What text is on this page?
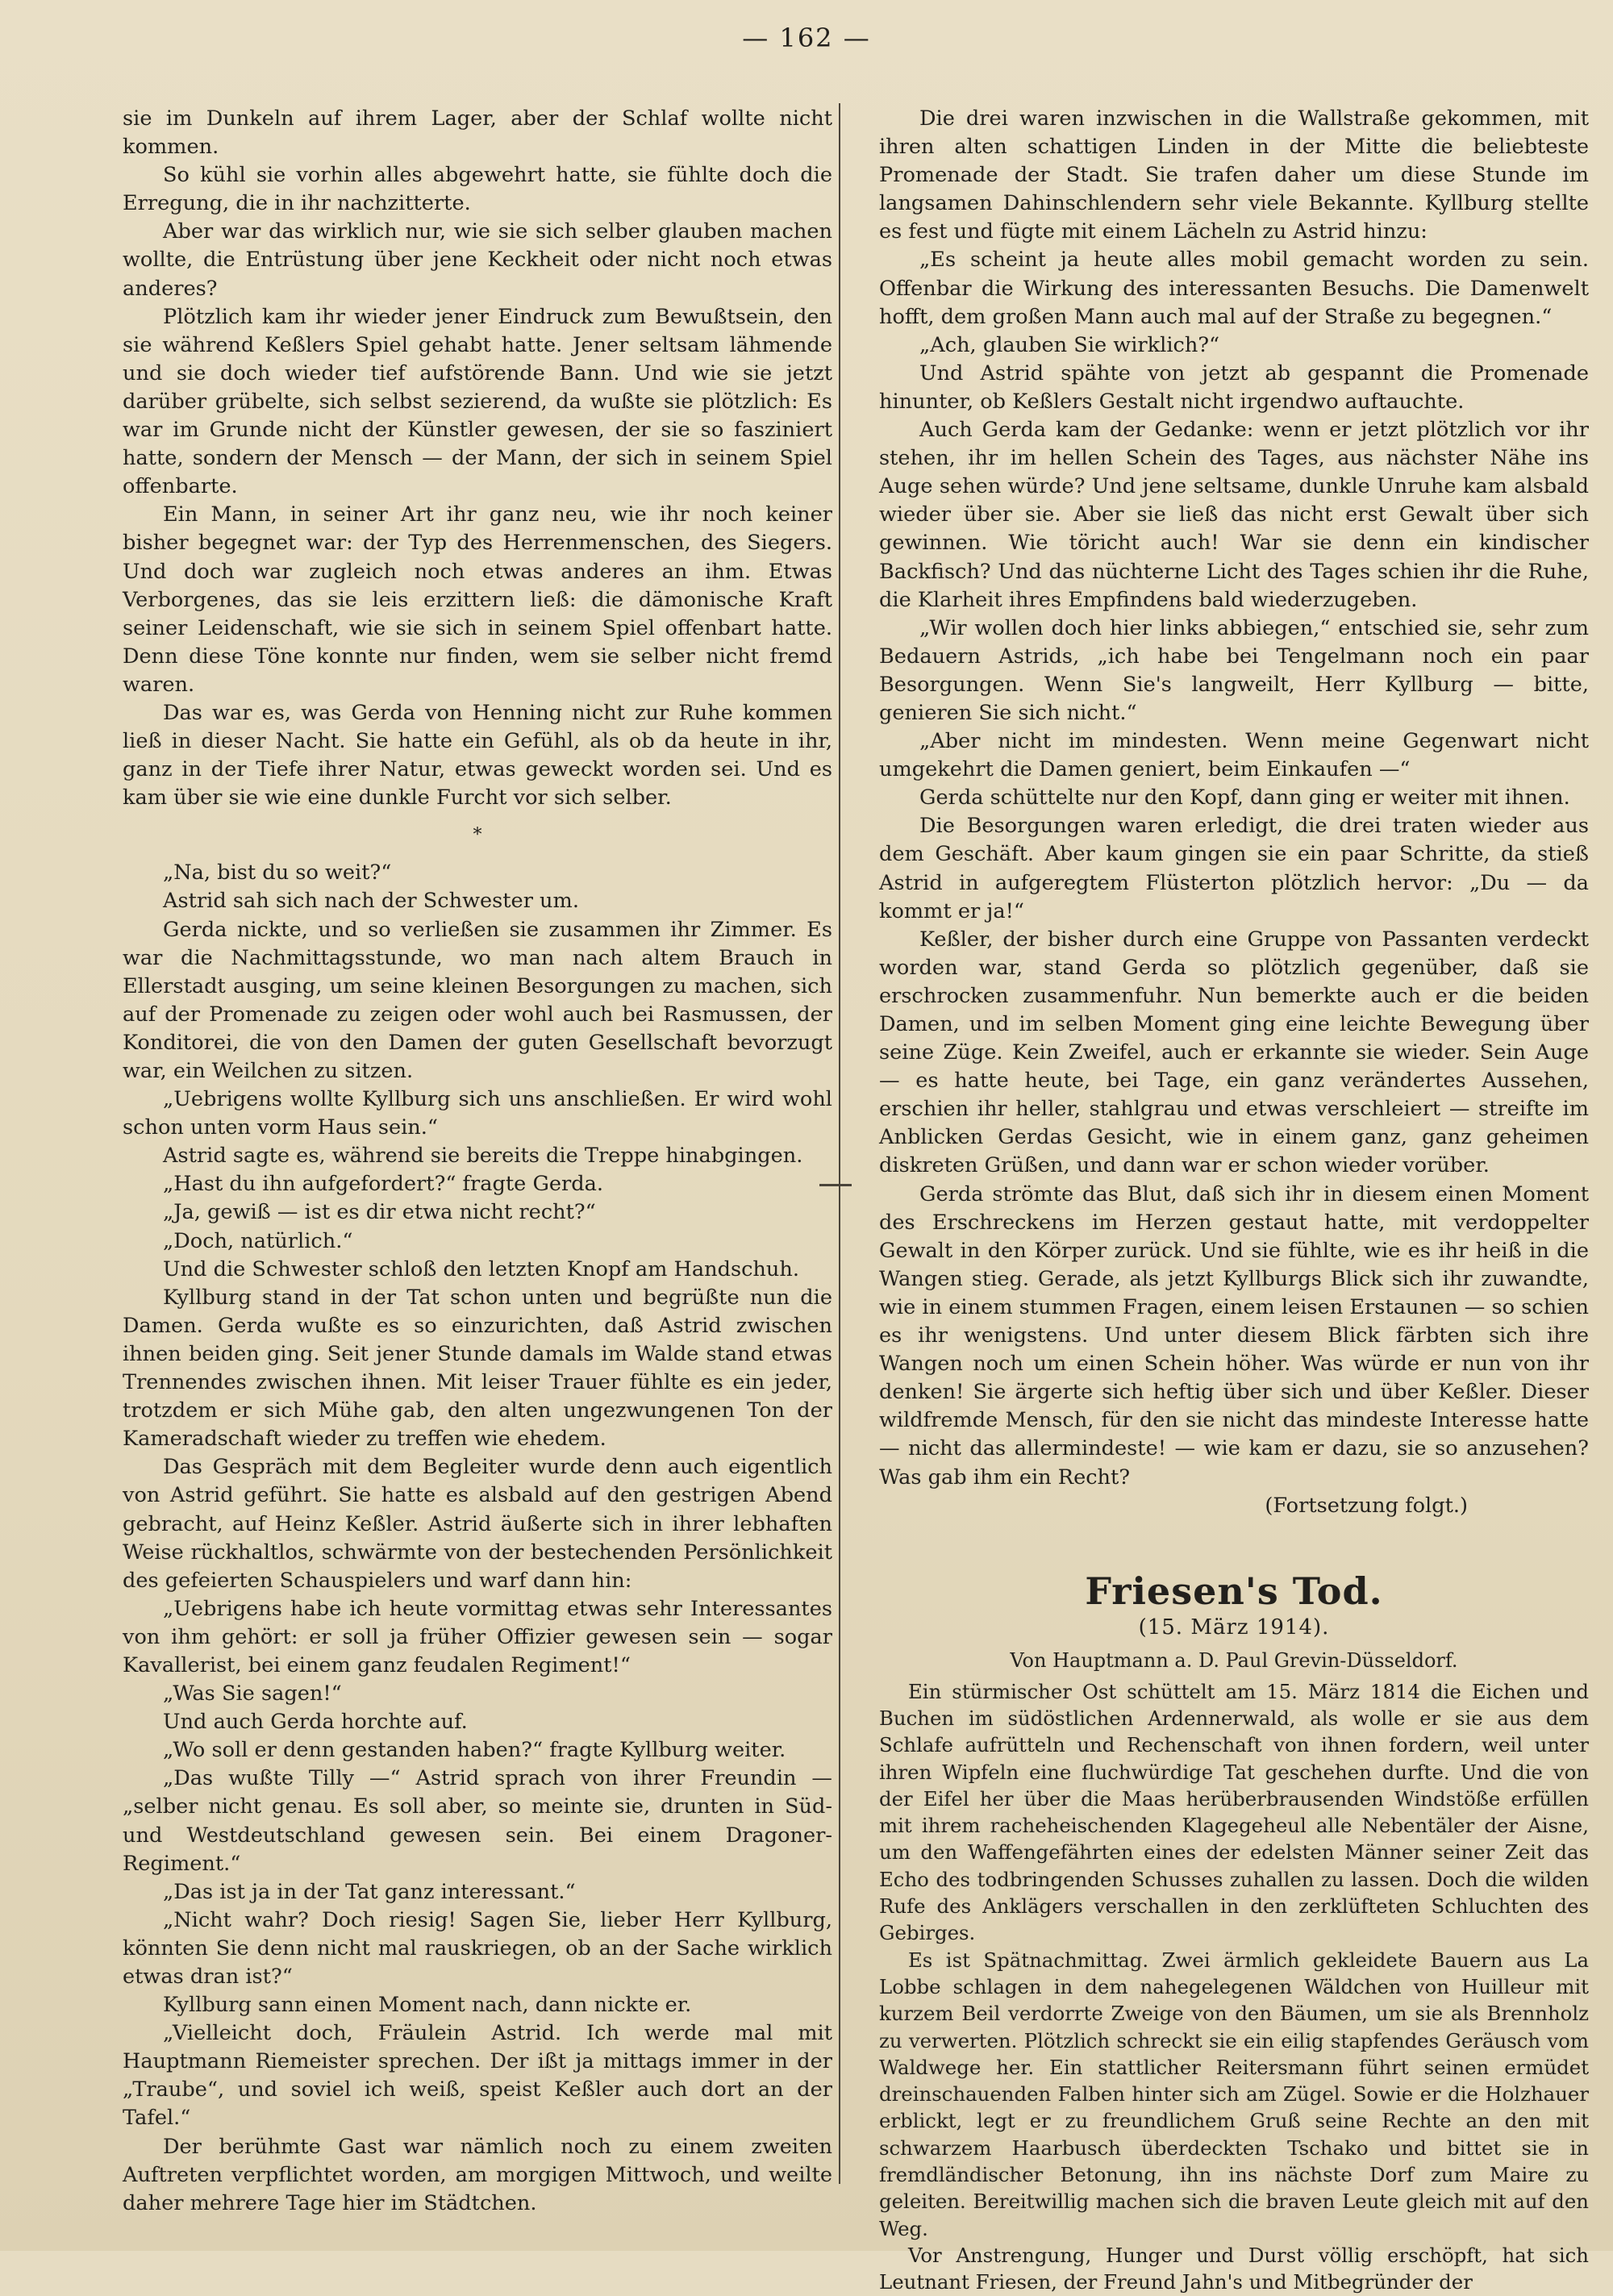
— 162 —

sie im Dunkeln auf ihrem Lager, aber der Schlaf wollte nicht kommen.

So kühl sie vorhin alles abgewehrt hatte, sie fühlte doch die Erregung, die in ihr nachzitterte.

Aber war das wirklich nur, wie sie sich selber glauben machen wollte, die Entrüstung über jene Keckheit oder nicht noch etwas anderes?

Plötzlich kam ihr wieder jener Eindruck zum Bewußtsein, den sie während Keßlers Spiel gehabt hatte. Jener seltsam lähmende und sie doch wieder tief aufstörende Bann. Und wie sie jetzt darüber grübelte, sich selbst sezierend, da wußte sie plötzlich: Es war im Grunde nicht der Künstler gewesen, der sie so fasziniert hatte, sondern der Mensch — der Mann, der sich in seinem Spiel offenbarte.

Ein Mann, in seiner Art ihr ganz neu, wie ihr noch keiner bisher begegnet war: der Typ des Herrenmenschen, des Siegers. Und doch war zugleich noch etwas anderes an ihm. Etwas Verborgenes, das sie leis erzittern ließ: die dämonische Kraft seiner Leidenschaft, wie sie sich in seinem Spiel offenbart hatte. Denn diese Töne konnte nur finden, wem sie selber nicht fremd waren.

Das war es, was Gerda von Henning nicht zur Ruhe kommen ließ in dieser Nacht. Sie hatte ein Gefühl, als ob da heute in ihr, ganz in der Tiefe ihrer Natur, etwas geweckt worden sei. Und es kam über sie wie eine dunkle Furcht vor sich selber.

*

„Na, bist du so weit?“

Astrid sah sich nach der Schwester um.

Gerda nickte, und so verließen sie zusammen ihr Zimmer. Es war die Nachmittagsstunde, wo man nach altem Brauch in Ellerstadt ausging, um seine kleinen Besorgungen zu machen, sich auf der Promenade zu zeigen oder wohl auch bei Rasmussen, der Konditorei, die von den Damen der guten Gesellschaft bevorzugt war, ein Weilchen zu sitzen.

„Uebrigens wollte Kyllburg sich uns anschließen. Er wird wohl schon unten vorm Haus sein.“

Astrid sagte es, während sie bereits die Treppe hinabgingen.

„Hast du ihn aufgefordert?“ fragte Gerda.

„Ja, gewiß — ist es dir etwa nicht recht?“

„Doch, natürlich.“

Und die Schwester schloß den letzten Knopf am Handschuh.

Kyllburg stand in der Tat schon unten und begrüßte nun die Damen. Gerda wußte es so einzurichten, daß Astrid zwischen ihnen beiden ging. Seit jener Stunde damals im Walde stand etwas Trennendes zwischen ihnen. Mit leiser Trauer fühlte es ein jeder, trotzdem er sich Mühe gab, den alten ungezwungenen Ton der Kameradschaft wieder zu treffen wie ehedem.

Das Gespräch mit dem Begleiter wurde denn auch eigentlich von Astrid geführt. Sie hatte es alsbald auf den gestrigen Abend gebracht, auf Heinz Keßler. Astrid äußerte sich in ihrer lebhaften Weise rückhaltlos, schwärmte von der bestechenden Persönlichkeit des gefeierten Schauspielers und warf dann hin:

„Uebrigens habe ich heute vormittag etwas sehr Interessantes von ihm gehört: er soll ja früher Offizier gewesen sein — sogar Kavallerist, bei einem ganz feudalen Regiment!“

„Was Sie sagen!“

Und auch Gerda horchte auf.

„Wo soll er denn gestanden haben?“ fragte Kyllburg weiter.

„Das wußte Tilly —“ Astrid sprach von ihrer Freundin — „selber nicht genau. Es soll aber, so meinte sie, drunten in Süd- und Westdeutschland gewesen sein. Bei einem Dragoner-Regiment.“

„Das ist ja in der Tat ganz interessant.“

„Nicht wahr? Doch riesig! Sagen Sie, lieber Herr Kyllburg, könnten Sie denn nicht mal rauskriegen, ob an der Sache wirklich etwas dran ist?“

Kyllburg sann einen Moment nach, dann nickte er.

„Vielleicht doch, Fräulein Astrid. Ich werde mal mit Hauptmann Riemeister sprechen. Der ißt ja mittags immer in der „Traube“, und soviel ich weiß, speist Keßler auch dort an der Tafel.“

Der berühmte Gast war nämlich noch zu einem zweiten Auftreten verpflichtet worden, am morgigen Mittwoch, und weilte daher mehrere Tage hier im Städtchen.

Die drei waren inzwischen in die Wallstraße gekommen, mit ihren alten schattigen Linden in der Mitte die beliebteste Promenade der Stadt. Sie trafen daher um diese Stunde im langsamen Dahinschlendern sehr viele Bekannte. Kyllburg stellte es fest und fügte mit einem Lächeln zu Astrid hinzu:

„Es scheint ja heute alles mobil gemacht worden zu sein. Offenbar die Wirkung des interessanten Besuchs. Die Damenwelt hofft, dem großen Mann auch mal auf der Straße zu begegnen.“

„Ach, glauben Sie wirklich?“

Und Astrid spähte von jetzt ab gespannt die Promenade hinunter, ob Keßlers Gestalt nicht irgendwo auftauchte.

Auch Gerda kam der Gedanke: wenn er jetzt plötzlich vor ihr stehen, ihr im hellen Schein des Tages, aus nächster Nähe ins Auge sehen würde? Und jene seltsame, dunkle Unruhe kam alsbald wieder über sie. Aber sie ließ das nicht erst Gewalt über sich gewinnen. Wie töricht auch! War sie denn ein kindischer Backfisch? Und das nüchterne Licht des Tages schien ihr die Ruhe, die Klarheit ihres Empfindens bald wiederzugeben.

„Wir wollen doch hier links abbiegen,“ entschied sie, sehr zum Bedauern Astrids, „ich habe bei Tengelmann noch ein paar Besorgungen. Wenn Sie's langweilt, Herr Kyllburg — bitte, genieren Sie sich nicht.“

„Aber nicht im mindesten. Wenn meine Gegenwart nicht umgekehrt die Damen geniert, beim Einkaufen —“

Gerda schüttelte nur den Kopf, dann ging er weiter mit ihnen.

Die Besorgungen waren erledigt, die drei traten wieder aus dem Geschäft. Aber kaum gingen sie ein paar Schritte, da stieß Astrid in aufgeregtem Flüsterton plötzlich hervor: „Du — da kommt er ja!“

Keßler, der bisher durch eine Gruppe von Passanten verdeckt worden war, stand Gerda so plötzlich gegenüber, daß sie erschrocken zusammenfuhr. Nun bemerkte auch er die beiden Damen, und im selben Moment ging eine leichte Bewegung über seine Züge. Kein Zweifel, auch er erkannte sie wieder. Sein Auge — es hatte heute, bei Tage, ein ganz verändertes Aussehen, erschien ihr heller, stahlgrau und etwas verschleiert — streifte im Anblicken Gerdas Gesicht, wie in einem ganz, ganz geheimen diskreten Grüßen, und dann war er schon wieder vorüber.

Gerda strömte das Blut, daß sich ihr in diesem einen Moment des Erschreckens im Herzen gestaut hatte, mit verdoppelter Gewalt in den Körper zurück. Und sie fühlte, wie es ihr heiß in die Wangen stieg. Gerade, als jetzt Kyllburgs Blick sich ihr zuwandte, wie in einem stummen Fragen, einem leisen Erstaunen — so schien es ihr wenigstens. Und unter diesem Blick färbten sich ihre Wangen noch um einen Schein höher. Was würde er nun von ihr denken! Sie ärgerte sich heftig über sich und über Keßler. Dieser wildfremde Mensch, für den sie nicht das mindeste Interesse hatte — nicht das allermindeste! — wie kam er dazu, sie so anzusehen? Was gab ihm ein Recht?

(Fortsetzung folgt.)
Friesen's Tod.
(15. März 1914).
Von Hauptmann a. D. Paul Grevin-Düsseldorf.

Ein stürmischer Ost schüttelt am 15. März 1814 die Eichen und Buchen im südöstlichen Ardennerwald, als wolle er sie aus dem Schlafe aufrütteln und Rechenschaft von ihnen fordern, weil unter ihren Wipfeln eine fluchwürdige Tat geschehen durfte. Und die von der Eifel her über die Maas herüberbrausenden Windstöße erfüllen mit ihrem racheheischenden Klagegeheul alle Nebentäler der Aisne, um den Waffengefährten eines der edelsten Männer seiner Zeit das Echo des todbringenden Schusses zuhallen zu lassen. Doch die wilden Rufe des Anklägers verschallen in den zerklüfteten Schluchten des Gebirges.

Es ist Spätnachmittag. Zwei ärmlich gekleidete Bauern aus La Lobbe schlagen in dem nahegelegenen Wäldchen von Huilleur mit kurzem Beil verdorrte Zweige von den Bäumen, um sie als Brennholz zu verwerten. Plötzlich schreckt sie ein eilig stapfendes Geräusch vom Waldwege her. Ein stattlicher Reitersmann führt seinen ermüdet dreinschauenden Falben hinter sich am Zügel. Sowie er die Holzhauer erblickt, legt er zu freundlichem Gruß seine Rechte an den mit schwarzem Haarbusch überdeckten Tschako und bittet sie in fremdländischer Betonung, ihn ins nächste Dorf zum Maire zu geleiten. Bereitwillig machen sich die braven Leute gleich mit auf den Weg.

Vor Anstrengung, Hunger und Durst völlig erschöpft, hat sich Leutnant Friesen, der Freund Jahn's und Mitbegründer der
